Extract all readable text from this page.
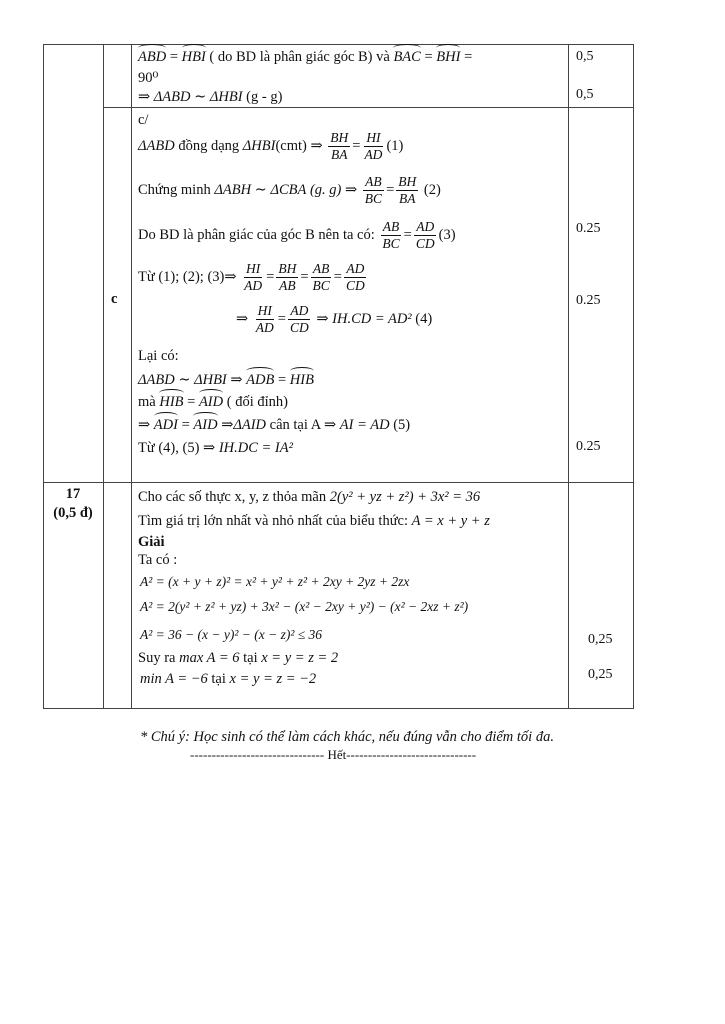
ABD = HBI ( do BD là phân giác góc B) và BAC = BHI =
90⁰
⇒ ΔABD ∼ ΔHBI (g - g)
0,5
0,5
c
c/
ΔABD đồng dạng ΔHBI(cmt) ⇒ $\frac{BH}{BA} = \frac{HI}{AD} (1)$
Chứng minh ΔABH ∼ ΔCBA (g. g) ⇒ $\frac{AB}{BC} = \frac{BH}{BA} (2)$
Do BD là phân giác của góc B nên ta có: $\frac{AB}{BC} = \frac{AD}{CD} (3)$
Từ (1); (2); (3)⇒ $\frac{HI}{AD} = \frac{BH}{AB} = \frac{AB}{BC} = \frac{AD}{CD}$
⇒ $\frac{HI}{AD} = \frac{AD}{CD}$ ⇒ IH.CD = AD² (4)
Lại có:
ΔABD ∼ ΔHBI ⇒ ADB = HIB
mà HIB = AID ( đối đỉnh)
⇒ ADI = AID ⇒ΔAID cân tại A ⇒ AI = AD (5)
Từ (4), (5) ⇒ IH.DC = IA²
0.25
0.25
0.25
17
(0,5 đ)
Cho các số thực x, y, z thỏa mãn 2(y² + yz + z²) + 3x² = 36
Tìm giá trị lớn nhất và nhỏ nhất của biểu thức: A = x + y + z
Giải
Ta có :
A² = (x + y + z)² = x² + y² + z² + 2xy + 2yz + 2zx
A² = 2(y² + z² + yz) + 3x² − (x² − 2xy + y²) − (x² − 2xz + z²)
A² = 36 − (x − y)² − (x − z)² ≤ 36
Suy ra max A = 6 tại x = y = z = 2
min A = −6 tại x = y = z = −2
0,25
0,25
* Chú ý: Học sinh có thể làm cách khác, nếu đúng vẫn cho điểm tối đa.
------------------------------- Hết------------------------------
